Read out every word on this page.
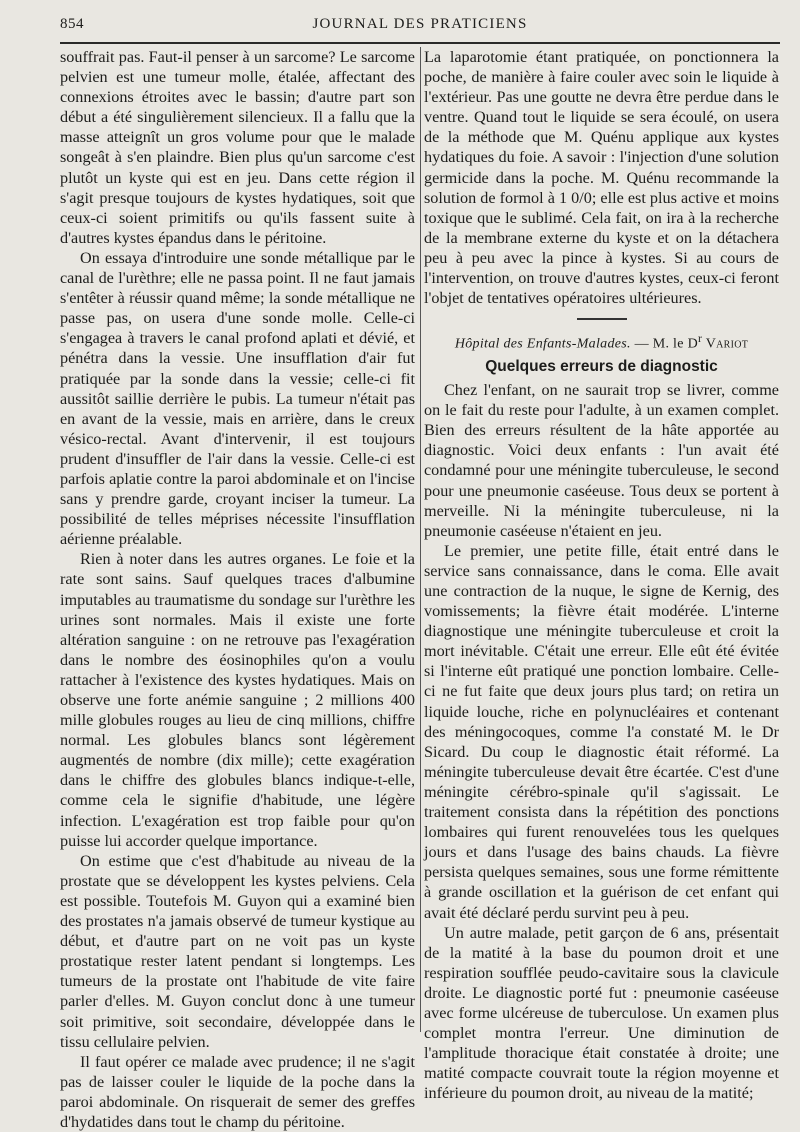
854	JOURNAL DES PRATICIENS

souffrait pas. Faut-il penser à un sarcome? Le sarcome pelvien est une tumeur molle, étalée, affectant des connexions étroites avec le bassin; d'autre part son début a été singulièrement silencieux. Il a fallu que la masse atteignît un gros volume pour que le malade songeât à s'en plaindre. Bien plus qu'un sarcome c'est plutôt un kyste qui est en jeu. Dans cette région il s'agit presque toujours de kystes hydatiques, soit que ceux-ci soient primitifs ou qu'ils fassent suite à d'autres kystes épandus dans le péritoine.

On essaya d'introduire une sonde métallique par le canal de l'urèthre; elle ne passa point. Il ne faut jamais s'entêter à réussir quand même; la sonde métallique ne passe pas, on usera d'une sonde molle. Celle-ci s'engagea à travers le canal profond aplati et dévié, et pénétra dans la vessie. Une insufflation d'air fut pratiquée par la sonde dans la vessie; celle-ci fit aussitôt saillie derrière le pubis. La tumeur n'était pas en avant de la vessie, mais en arrière, dans le creux vésico-rectal. Avant d'intervenir, il est toujours prudent d'insuffler de l'air dans la vessie. Celle-ci est parfois aplatie contre la paroi abdominale et on l'incise sans y prendre garde, croyant inciser la tumeur. La possibilité de telles méprises nécessite l'insufflation aérienne préalable.

Rien à noter dans les autres organes. Le foie et la rate sont sains. Sauf quelques traces d'albumine imputables au traumatisme du sondage sur l'urèthre les urines sont normales. Mais il existe une forte altération sanguine : on ne retrouve pas l'exagération dans le nombre des éosinophiles qu'on a voulu rattacher à l'existence des kystes hydatiques. Mais on observe une forte anémie sanguine ; 2 millions 400 mille globules rouges au lieu de cinq millions, chiffre normal. Les globules blancs sont légèrement augmentés de nombre (dix mille); cette exagération dans le chiffre des globules blancs indique-t-elle, comme cela le signifie d'habitude, une légère infection. L'exagération est trop faible pour qu'on puisse lui accorder quelque importance.

On estime que c'est d'habitude au niveau de la prostate que se développent les kystes pelviens. Cela est possible. Toutefois M. Guyon qui a examiné bien des prostates n'a jamais observé de tumeur kystique au début, et d'autre part on ne voit pas un kyste prostatique rester latent pendant si longtemps. Les tumeurs de la prostate ont l'habitude de vite faire parler d'elles. M. Guyon conclut donc à une tumeur soit primitive, soit secondaire, développée dans le tissu cellulaire pelvien.

Il faut opérer ce malade avec prudence; il ne s'agit pas de laisser couler le liquide de la poche dans la paroi abdominale. On risquerait de semer des greffes d'hydatides dans tout le champ du péritoine.

La laparotomie étant pratiquée, on ponctionnera la poche, de manière à faire couler avec soin le liquide à l'extérieur. Pas une goutte ne devra être perdue dans le ventre. Quand tout le liquide se sera écoulé, on usera de la méthode que M. Quénu applique aux kystes hydatiques du foie. A savoir : l'injection d'une solution germicide dans la poche. M. Quénu recommande la solution de formol à 1 0/0; elle est plus active et moins toxique que le sublimé. Cela fait, on ira à la recherche de la membrane externe du kyste et on la détachera peu à peu avec la pince à kystes. Si au cours de l'intervention, on trouve d'autres kystes, ceux-ci feront l'objet de tentatives opératoires ultérieures.

Hôpital des Enfants-Malades. — M. le $D^r$ Variot
Quelques erreurs de diagnostic

Chez l'enfant, on ne saurait trop se livrer, comme on le fait du reste pour l'adulte, à un examen complet. Bien des erreurs résultent de la hâte apportée au diagnostic. Voici deux enfants : l'un avait été condamné pour une méningite tuberculeuse, le second pour une pneumonie caséeuse. Tous deux se portent à merveille. Ni la méningite tuberculeuse, ni la pneumonie caséeuse n'étaient en jeu.

Le premier, une petite fille, était entré dans le service sans connaissance, dans le coma. Elle avait une contraction de la nuque, le signe de Kernig, des vomissements; la fièvre était modérée. L'interne diagnostique une méningite tuberculeuse et croit la mort inévitable. C'était une erreur. Elle eût été évitée si l'interne eût pratiqué une ponction lombaire. Celle-ci ne fut faite que deux jours plus tard; on retira un liquide louche, riche en polynucléaires et contenant des méningocoques, comme l'a constaté M. le Dr Sicard. Du coup le diagnostic était réformé. La méningite tuberculeuse devait être écartée. C'est d'une méningite cérébro-spinale qu'il s'agissait. Le traitement consista dans la répétition des ponctions lombaires qui furent renouvelées tous les quelques jours et dans l'usage des bains chauds. La fièvre persista quelques semaines, sous une forme rémittente à grande oscillation et la guérison de cet enfant qui avait été déclaré perdu survint peu à peu.

Un autre malade, petit garçon de 6 ans, présentait de la matité à la base du poumon droit et une respiration soufflée peudo-cavitaire sous la clavicule droite. Le diagnostic porté fut : pneumonie caséeuse avec forme ulcéreuse de tuberculose. Un examen plus complet montra l'erreur. Une diminution de l'amplitude thoracique était constatée à droite; une matité compacte couvrait toute la région moyenne et inférieure du poumon droit, au niveau de la matité;
